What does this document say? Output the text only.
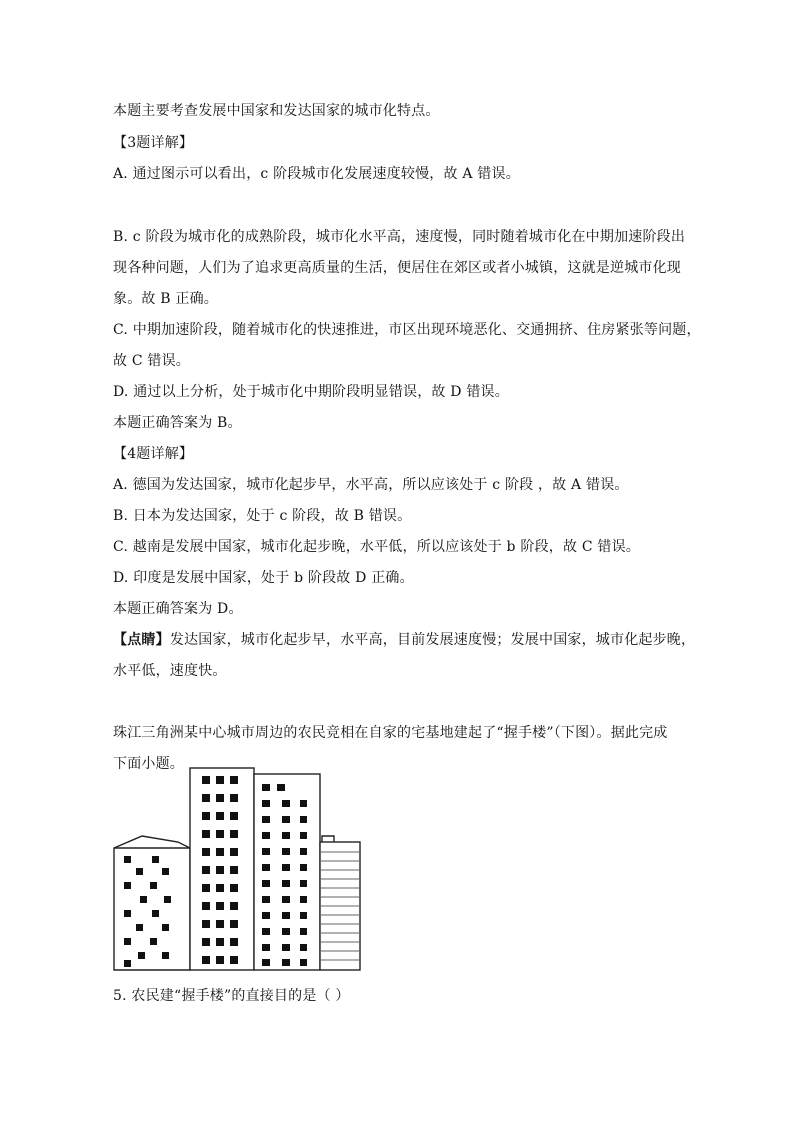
本题主要考查发展中国家和发达国家的城市化特点。
【3题详解】
A. 通过图示可以看出，c 阶段城市化发展速度较慢，故 A 错误。
B. c 阶段为城市化的成熟阶段，城市化水平高，速度慢，同时随着城市化在中期加速阶段出
现各种问题，人们为了追求更高质量的生活，便居住在郊区或者小城镇，这就是逆城市化现
象。故 B 正确。
C. 中期加速阶段，随着城市化的快速推进，市区出现环境恶化、交通拥挤、住房紧张等问题，
故 C 错误。
D. 通过以上分析，处于城市化中期阶段明显错误，故 D 错误。
本题正确答案为 B。
【4题详解】
A. 德国为发达国家，城市化起步早，水平高，所以应该处于 c 阶段 ，故 A 错误。
B. 日本为发达国家，处于 c 阶段，故 B 错误。
C. 越南是发展中国家，城市化起步晚，水平低，所以应该处于 b 阶段，故 C 错误。
D. 印度是发展中国家，处于 b 阶段故 D 正确。
本题正确答案为 D。
【点睛】发达国家，城市化起步早，水平高，目前发展速度慢；发展中国家，城市化起步晚，
水平低，速度快。
珠江三角洲某中心城市周边的农民竞相在自家的宅基地建起了“握手楼”（下图）。据此完成
下面小题。
5. 农民建“握手楼”的直接目的是（ ）
